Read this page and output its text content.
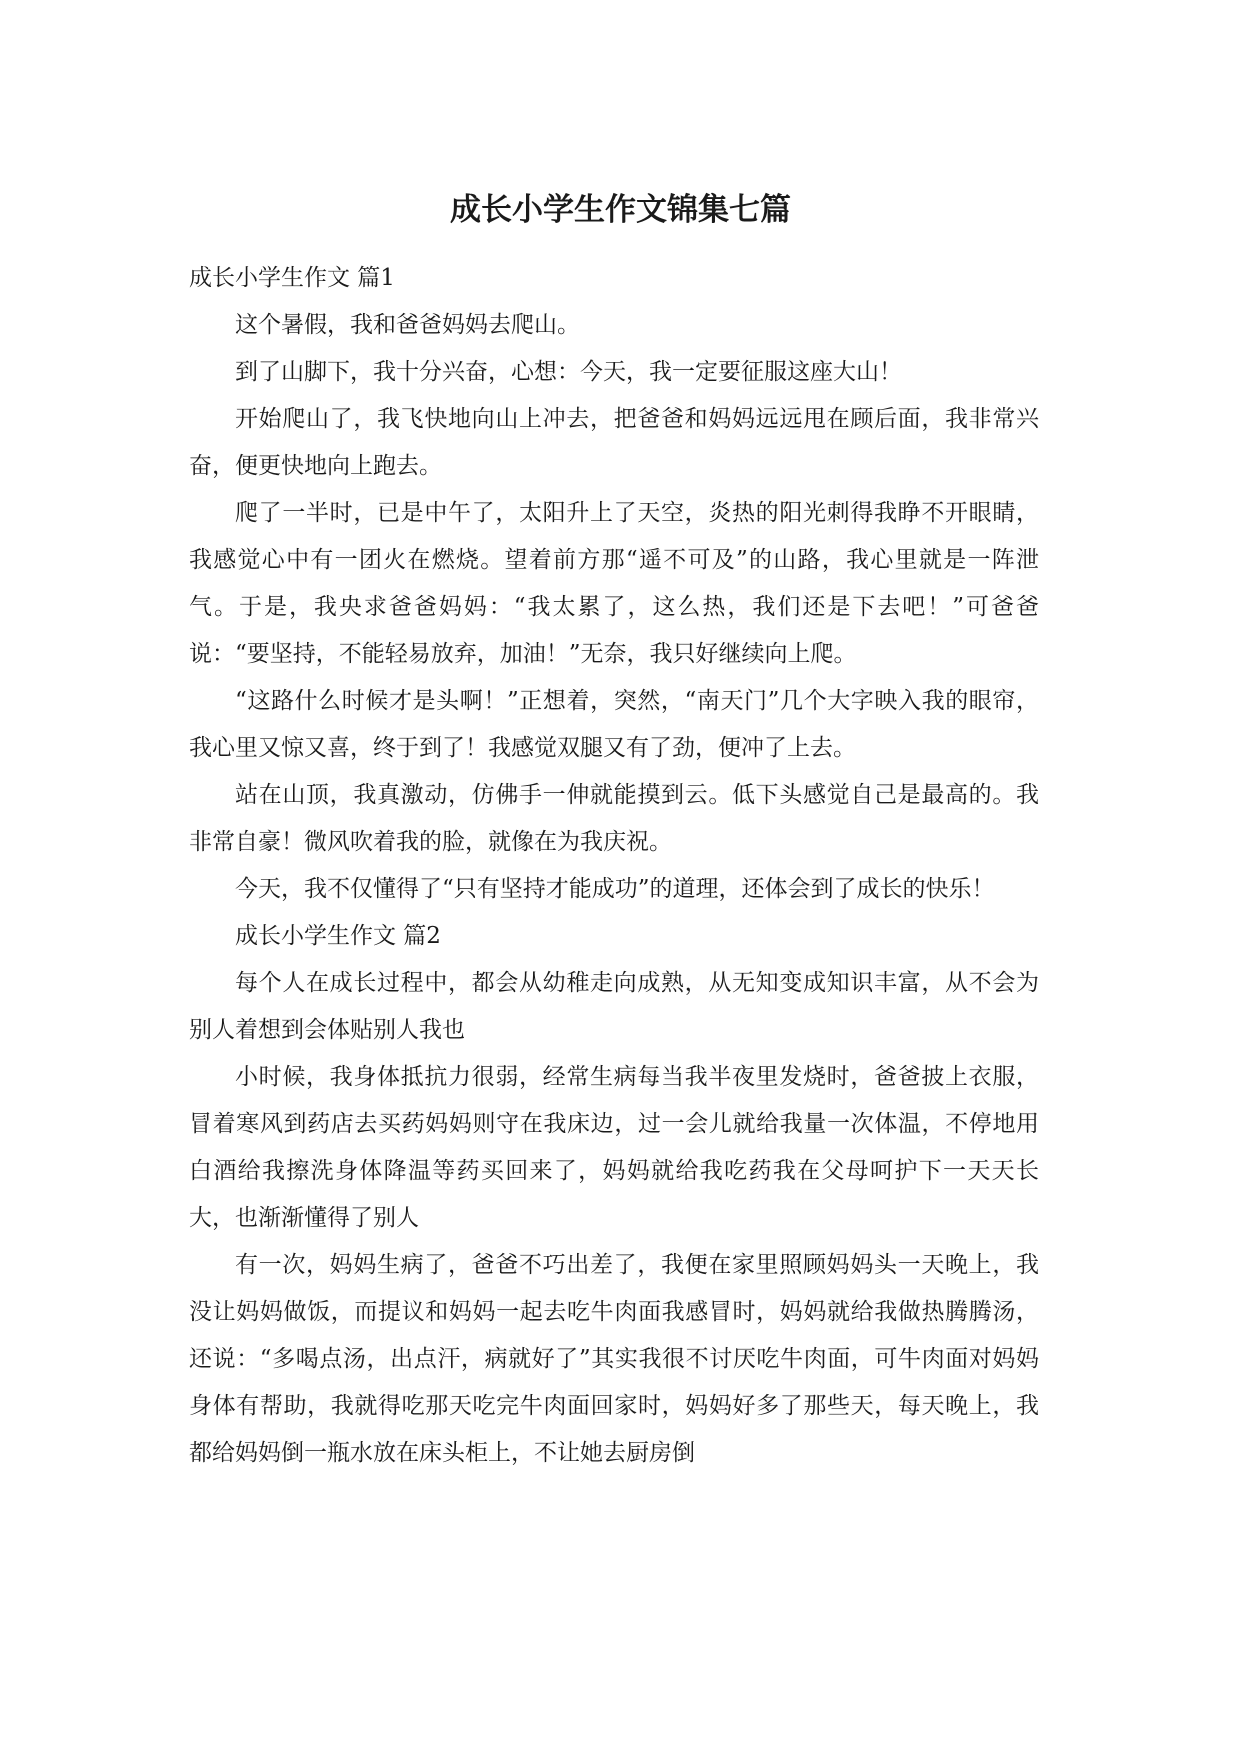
成长小学生作文锦集七篇
成长小学生作文 篇1

这个暑假，我和爸爸妈妈去爬山。

到了山脚下，我十分兴奋，心想：今天，我一定要征服这座大山！

开始爬山了，我飞快地向山上冲去，把爸爸和妈妈远远甩在顾后面，我非常兴奋，便更快地向上跑去。

爬了一半时，已是中午了，太阳升上了天空，炎热的阳光刺得我睁不开眼睛，我感觉心中有一团火在燃烧。望着前方那“遥不可及”的山路，我心里就是一阵泄气。于是，我央求爸爸妈妈：“我太累了，这么热，我们还是下去吧！”可爸爸说：“要坚持，不能轻易放弃，加油！”无奈，我只好继续向上爬。

“这路什么时候才是头啊！”正想着，突然，“南天门”几个大字映入我的眼帘，我心里又惊又喜，终于到了！我感觉双腿又有了劲，便冲了上去。

站在山顶，我真激动，仿佛手一伸就能摸到云。低下头感觉自己是最高的。我非常自豪！微风吹着我的脸，就像在为我庆祝。

今天，我不仅懂得了“只有坚持才能成功”的道理，还体会到了成长的快乐！

成长小学生作文 篇2

每个人在成长过程中，都会从幼稚走向成熟，从无知变成知识丰富，从不会为别人着想到会体贴别人我也

小时候，我身体抵抗力很弱，经常生病每当我半夜里发烧时，爸爸披上衣服，冒着寒风到药店去买药妈妈则守在我床边，过一会儿就给我量一次体温，不停地用白酒给我擦洗身体降温等药买回来了，妈妈就给我吃药我在父母呵护下一天天长大，也渐渐懂得了别人

有一次，妈妈生病了，爸爸不巧出差了，我便在家里照顾妈妈头一天晚上，我没让妈妈做饭，而提议和妈妈一起去吃牛肉面我感冒时，妈妈就给我做热腾腾汤，还说：“多喝点汤，出点汗，病就好了”其实我很不讨厌吃牛肉面，可牛肉面对妈妈身体有帮助，我就得吃那天吃完牛肉面回家时，妈妈好多了那些天，每天晚上，我都给妈妈倒一瓶水放在床头柜上，不让她去厨房倒
